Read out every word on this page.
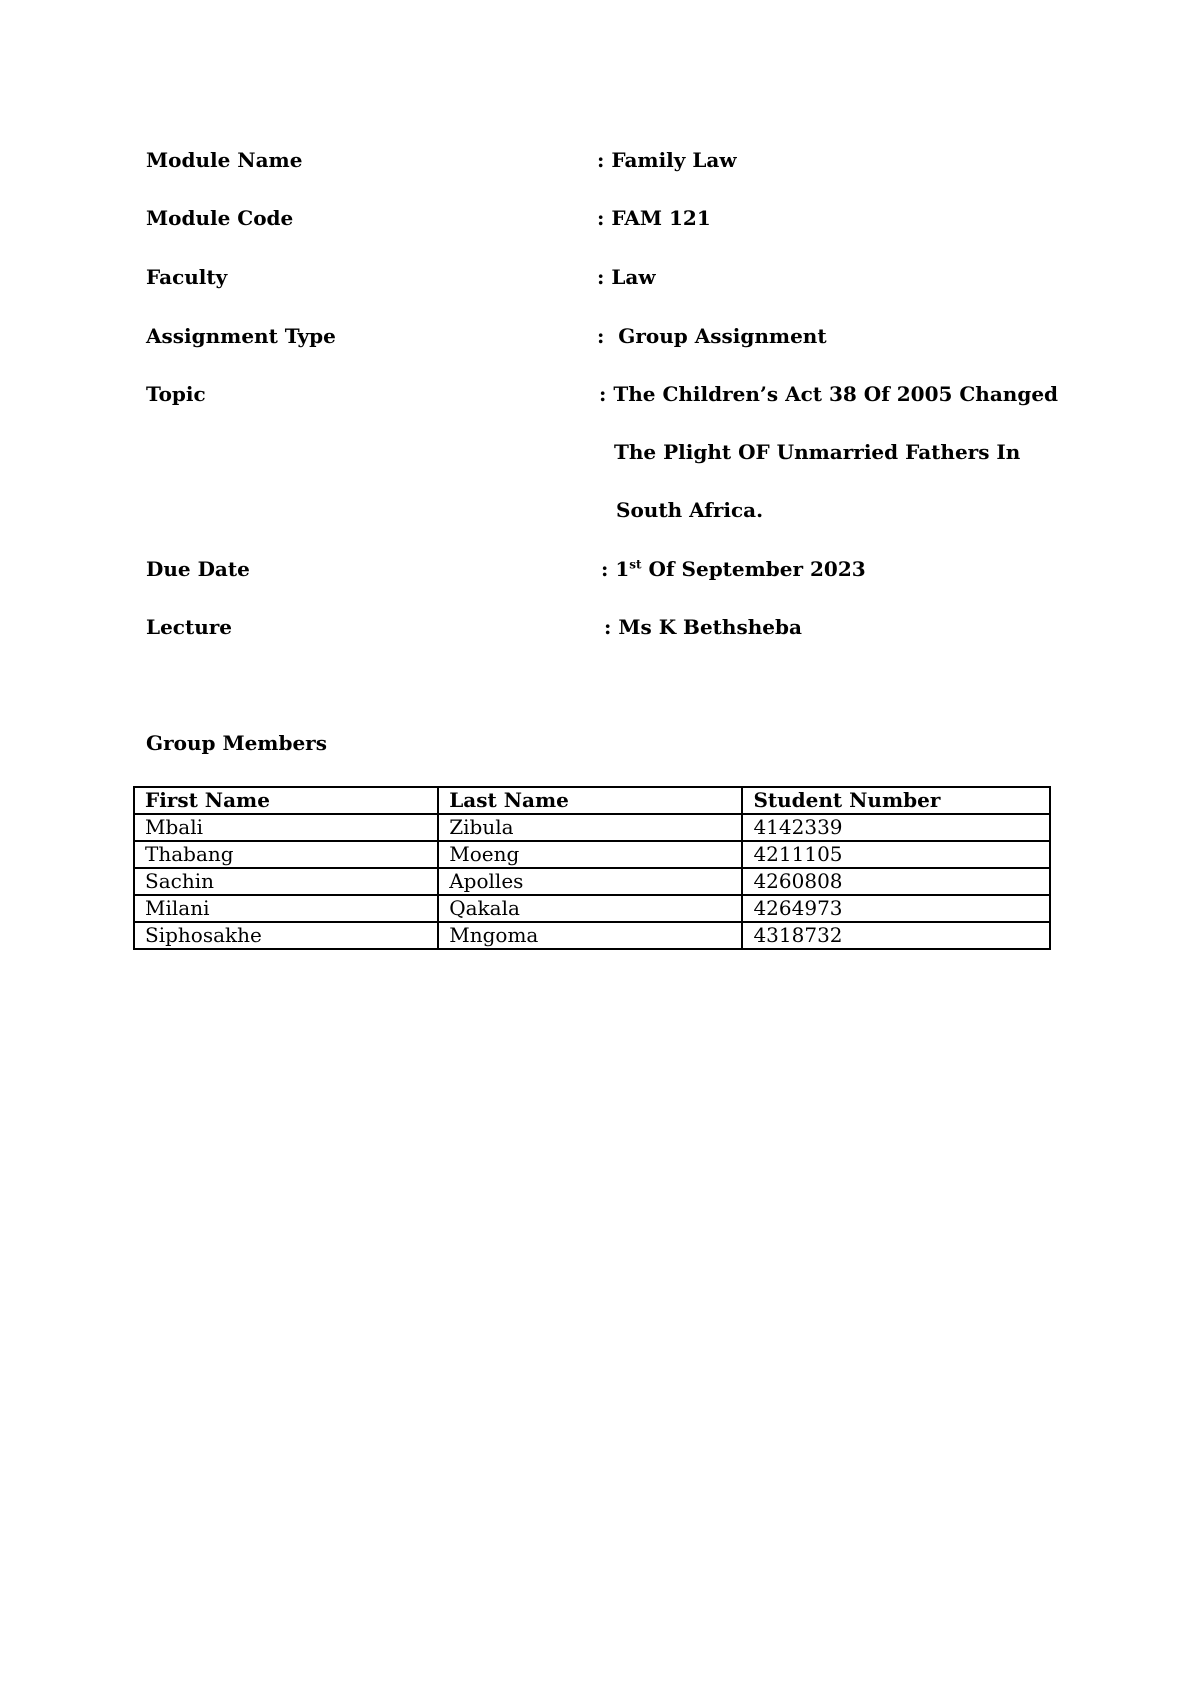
Module Name	: Family Law
Module Code	: FAM 121
Faculty	: Law
Assignment Type	:  Group Assignment
Topic	: The Children’s Act 38 Of 2005 Changed
The Plight OF Unmarried Fathers In
South Africa.
Due Date	: 1st Of September 2023
Lecture	: Ms K Bethsheba
Group Members
First Name	Last Name	Student Number
Mbali	Zibula	4142339
Thabang	Moeng	4211105
Sachin	Apolles	4260808
Milani	Qakala	4264973
Siphosakhe	Mngoma	4318732
